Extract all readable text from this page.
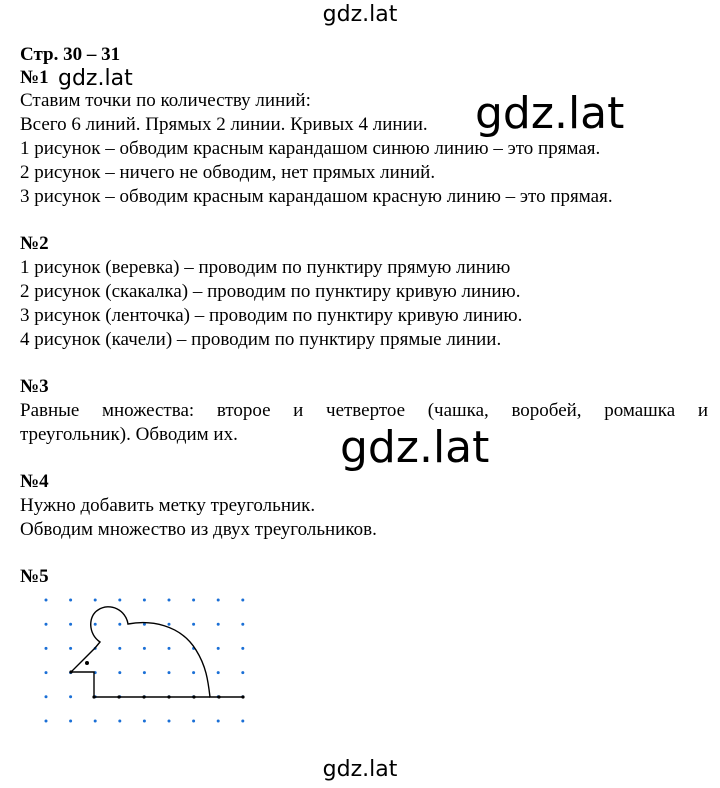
gdz.lat
gdz.lat
gdz.lat
gdz.lat
gdz.lat
Стр. 30 – 31
№1
Ставим точки по количеству линий:
Всего 6 линий. Прямых 2 линии. Кривых 4 линии.
1 рисунок – обводим красным карандашом синюю линию – это прямая.
2 рисунок – ничего не обводим, нет прямых линий.
3 рисунок – обводим красным карандашом красную линию – это прямая.
№2
1 рисунок (веревка) – проводим по пунктиру прямую линию
2 рисунок (скакалка) – проводим по пунктиру кривую линию.
3 рисунок (ленточка) – проводим по пунктиру кривую линию.
4 рисунок (качели) – проводим по пунктиру прямые линии.
№3
Равные множества: второе и четвертое (чашка, воробей, ромашка и
треугольник). Обводим их.
№4
Нужно добавить метку треугольник.
Обводим множество из двух треугольников.
№5
